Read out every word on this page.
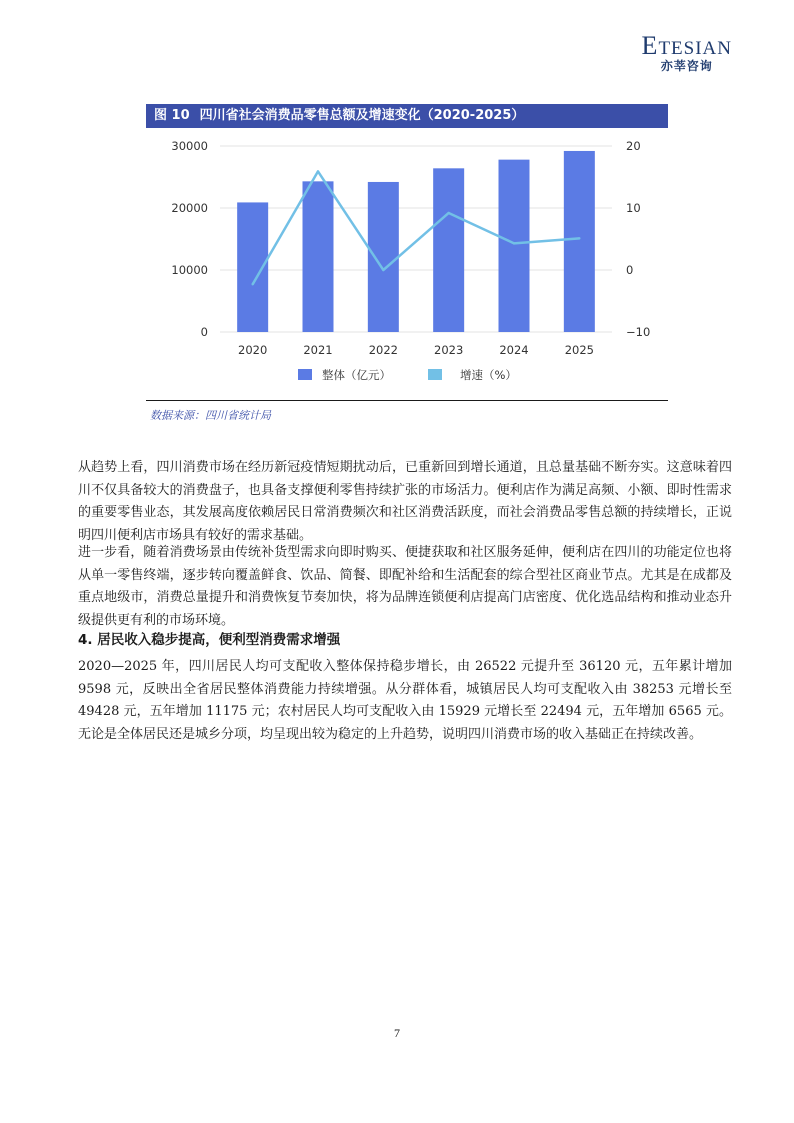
ETESIAN
亦莘咨询
图 10 四川省社会消费品零售总额及增速变化（2020-2025）
0
10000
20000
30000
−10
0
10
20
2020	2021	2022	2023	2024	2025
整体（亿元）	增速（%）
数据来源：四川省统计局

从趋势上看，四川消费市场在经历新冠疫情短期扰动后，已重新回到增长通道，且总量基础不断夯实。这意味着四川不仅具备较大的消费盘子，也具备支撑便利零售持续扩张的市场活力。便利店作为满足高频、小额、即时性需求的重要零售业态，其发展高度依赖居民日常消费频次和社区消费活跃度，而社会消费品零售总额的持续增长，正说明四川便利店市场具有较好的需求基础。

进一步看，随着消费场景由传统补货型需求向即时购买、便捷获取和社区服务延伸，便利店在四川的功能定位也将从单一零售终端，逐步转向覆盖鲜食、饮品、简餐、即配补给和生活配套的综合型社区商业节点。尤其是在成都及重点地级市，消费总量提升和消费恢复节奏加快，将为品牌连锁便利店提高门店密度、优化选品结构和推动业态升级提供更有利的市场环境。

4. 居民收入稳步提高，便利型消费需求增强

2020—2025 年，四川居民人均可支配收入整体保持稳步增长，由 26522 元提升至 36120 元，五年累计增加 9598 元，反映出全省居民整体消费能力持续增强。从分群体看，城镇居民人均可支配收入由 38253 元增长至 49428 元，五年增加 11175 元；农村居民人均可支配收入由 15929 元增长至 22494 元，五年增加 6565 元。无论是全体居民还是城乡分项，均呈现出较为稳定的上升趋势，说明四川消费市场的收入基础正在持续改善。

7
